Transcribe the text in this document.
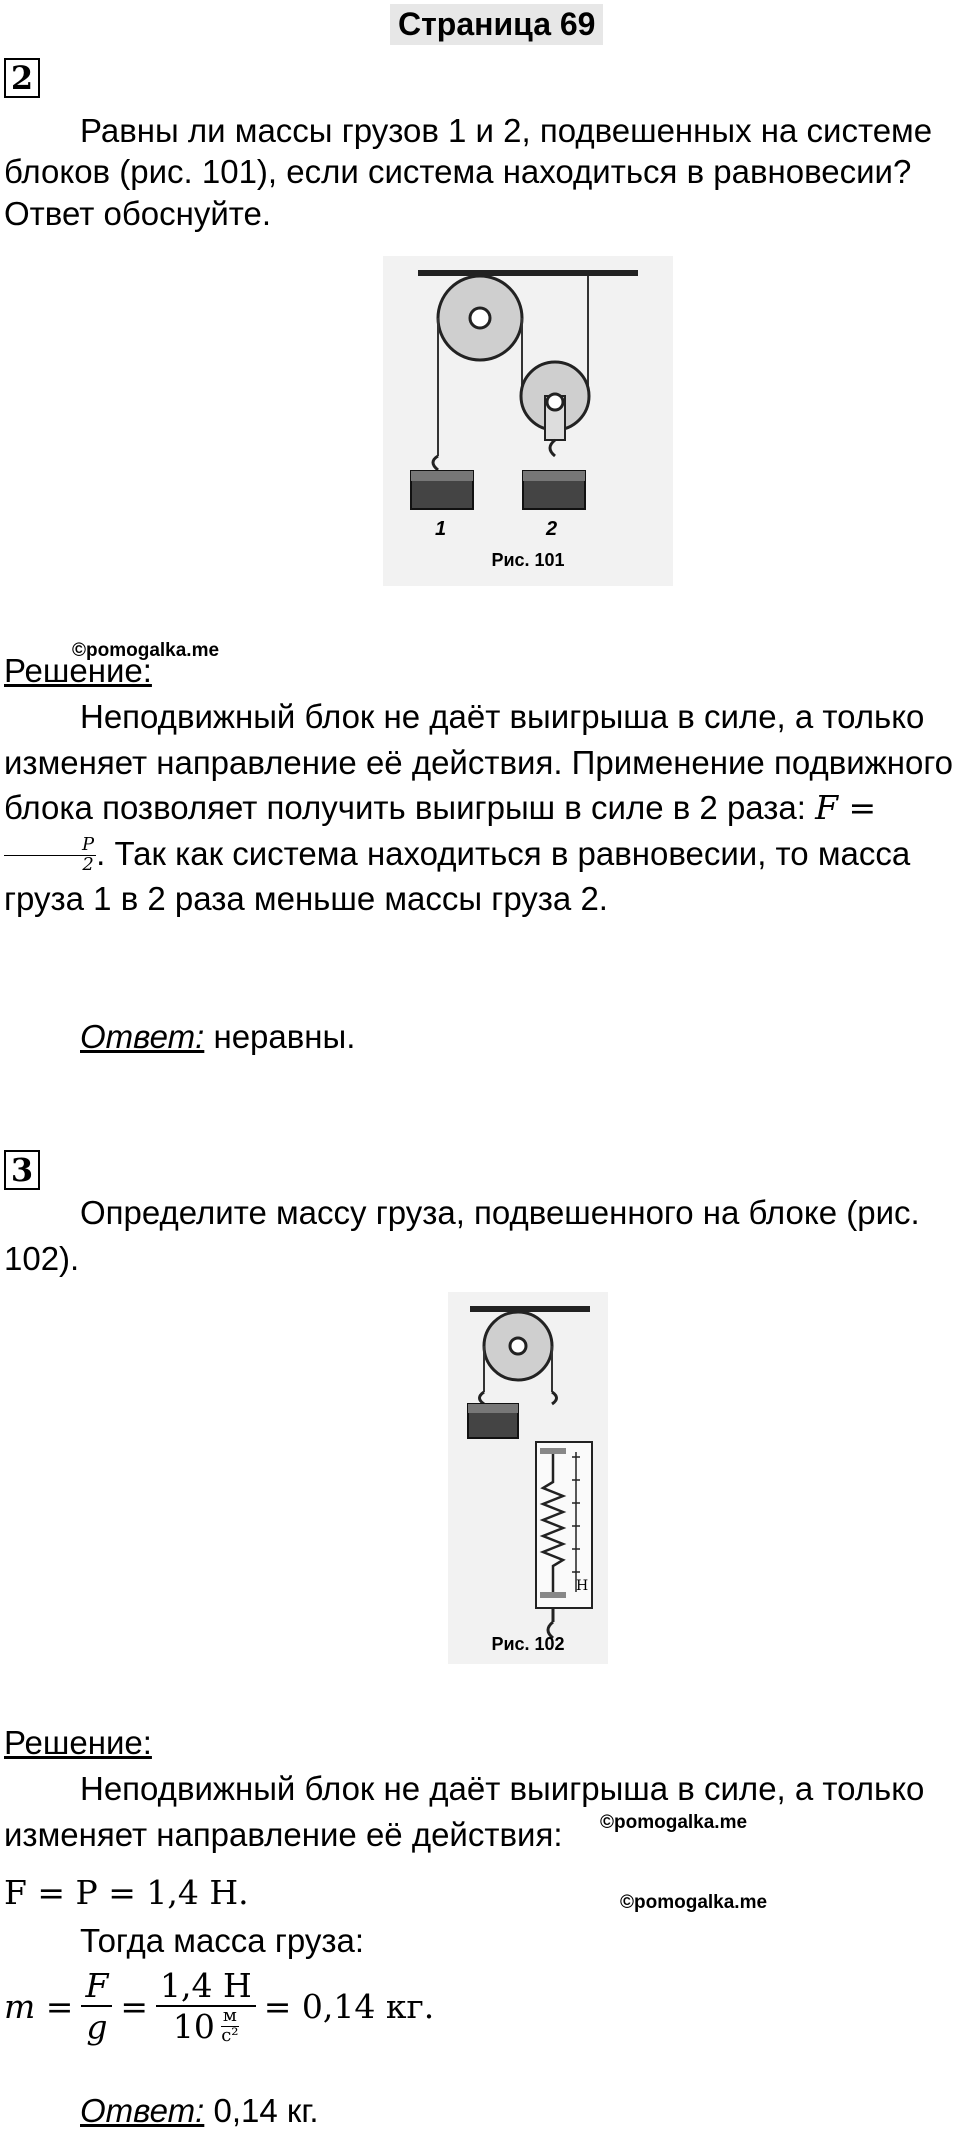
Страница 69
2
Равны ли массы грузов 1 и 2, подвешенных на системе блоков (рис. 101), если система находиться в равновесии? Ответ обоснуйте.
1	2
Рис. 101
©pomogalka.me
Решение:
Неподвижный блок не даёт выигрыша в силе, а только изменяет направление её действия. Применение подвижного блока позволяет получить выигрыш в силе в 2 раза: F =
$\frac{P}{2}$ . Так как система находиться в равновесии, то масса груза 1 в 2 раза меньше массы груза 2.
Ответ: неравны.
3
Определите массу груза, подвешенного на блоке (рис. 102).
Н
Рис. 102
Решение:
Неподвижный блок не даёт выигрыша в силе, а только изменяет направление её действия:	©pomogalka.me
F = P = 1,4 Н.	©pomogalka.me
Тогда масса груза:
$m = \frac{F}{g} = \frac{1,4 Н}{10 \frac{м}{\text{с²}}} = 0,14$ кг.
Ответ: 0,14 кг.
